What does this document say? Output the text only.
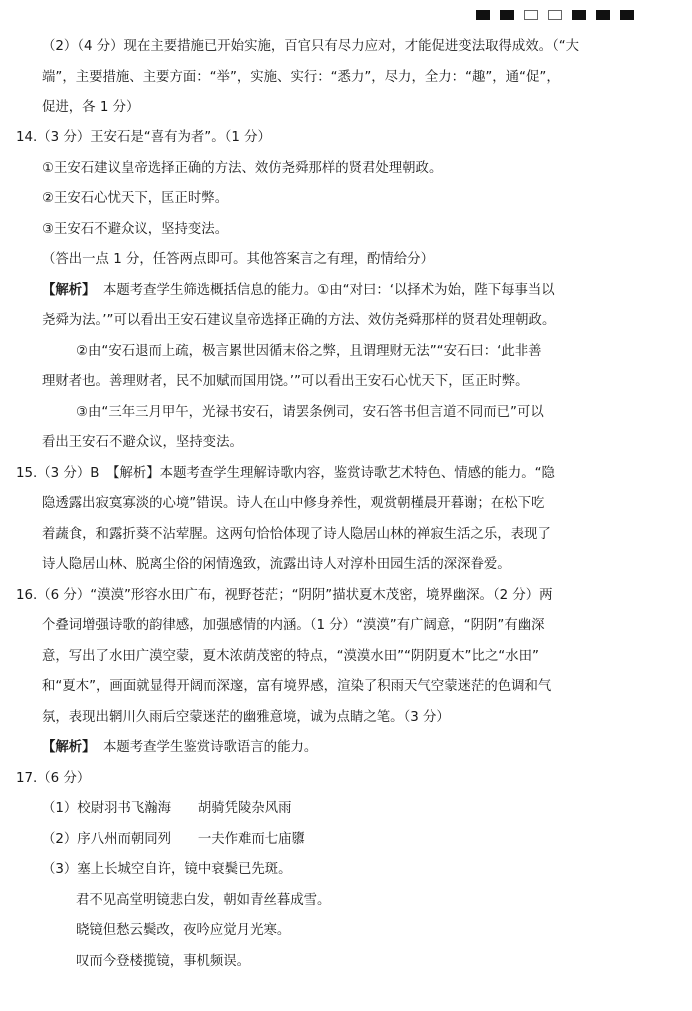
（2）（4 分）现在主要措施已开始实施，百官只有尽力应对，才能促进变法取得成效。（“大
端”，主要措施、主要方面：“举”，实施、实行：“悉力”，尽力，全力：“趣”，通“促”，
促进，各 1 分）
14.（3 分）王安石是“喜有为者”。（1 分）
①王安石建议皇帝选择正确的方法、效仿尧舜那样的贤君处理朝政。
②王安石心忧天下，匡正时弊。
③王安石不避众议，坚持变法。
（答出一点 1 分，任答两点即可。其他答案言之有理，酌情给分）
【解析】 本题考查学生筛选概括信息的能力。①由“对曰：‘以择术为始，陛下每事当以
尧舜为法。’”可以看出王安石建议皇帝选择正确的方法、效仿尧舜那样的贤君处理朝政。
②由“安石退而上疏，极言累世因循末俗之弊，且谓理财无法”“安石曰：‘此非善
理财者也。善理财者，民不加赋而国用饶。’”可以看出王安石心忧天下，匡正时弊。
③由“三年三月甲午，光禄书安石，请罢条例司，安石答书但言道不同而已”可以
看出王安石不避众议，坚持变法。
15.（3 分）B　【解析】本题考查学生理解诗歌内容，鉴赏诗歌艺术特色、情感的能力。“隐
隐透露出寂寞寡淡的心境”错误。诗人在山中修身养性，观赏朝槿晨开暮谢；在松下吃
着蔬食，和露折葵不沾荤腥。这两句恰恰体现了诗人隐居山林的禅寂生活之乐，表现了
诗人隐居山林、脱离尘俗的闲情逸致，流露出诗人对淳朴田园生活的深深眷爱。
16.（6 分）“漠漠”形容水田广布，视野苍茫；“阴阴”描状夏木茂密，境界幽深。（2 分）两
个叠词增强诗歌的韵律感，加强感情的内涵。（1 分）“漠漠”有广阔意，“阴阴”有幽深
意，写出了水田广漠空蒙，夏木浓荫茂密的特点，“漠漠水田”“阴阴夏木”比之“水田”
和“夏木”，画面就显得开阔而深邃，富有境界感，渲染了积雨天气空蒙迷茫的色调和气
氛，表现出辋川久雨后空蒙迷茫的幽雅意境，诚为点睛之笔。（3 分）
【解析】 本题考查学生鉴赏诗歌语言的能力。
17.（6 分）
（1）校尉羽书飞瀚海　　胡骑凭陵杂风雨
（2）序八州而朝同列　　一夫作难而七庙隳
（3）塞上长城空自许，镜中衰鬓已先斑。
君不见高堂明镜悲白发，朝如青丝暮成雪。
晓镜但愁云鬓改，夜吟应觉月光寒。
叹而今登楼揽镜，事机频误。
